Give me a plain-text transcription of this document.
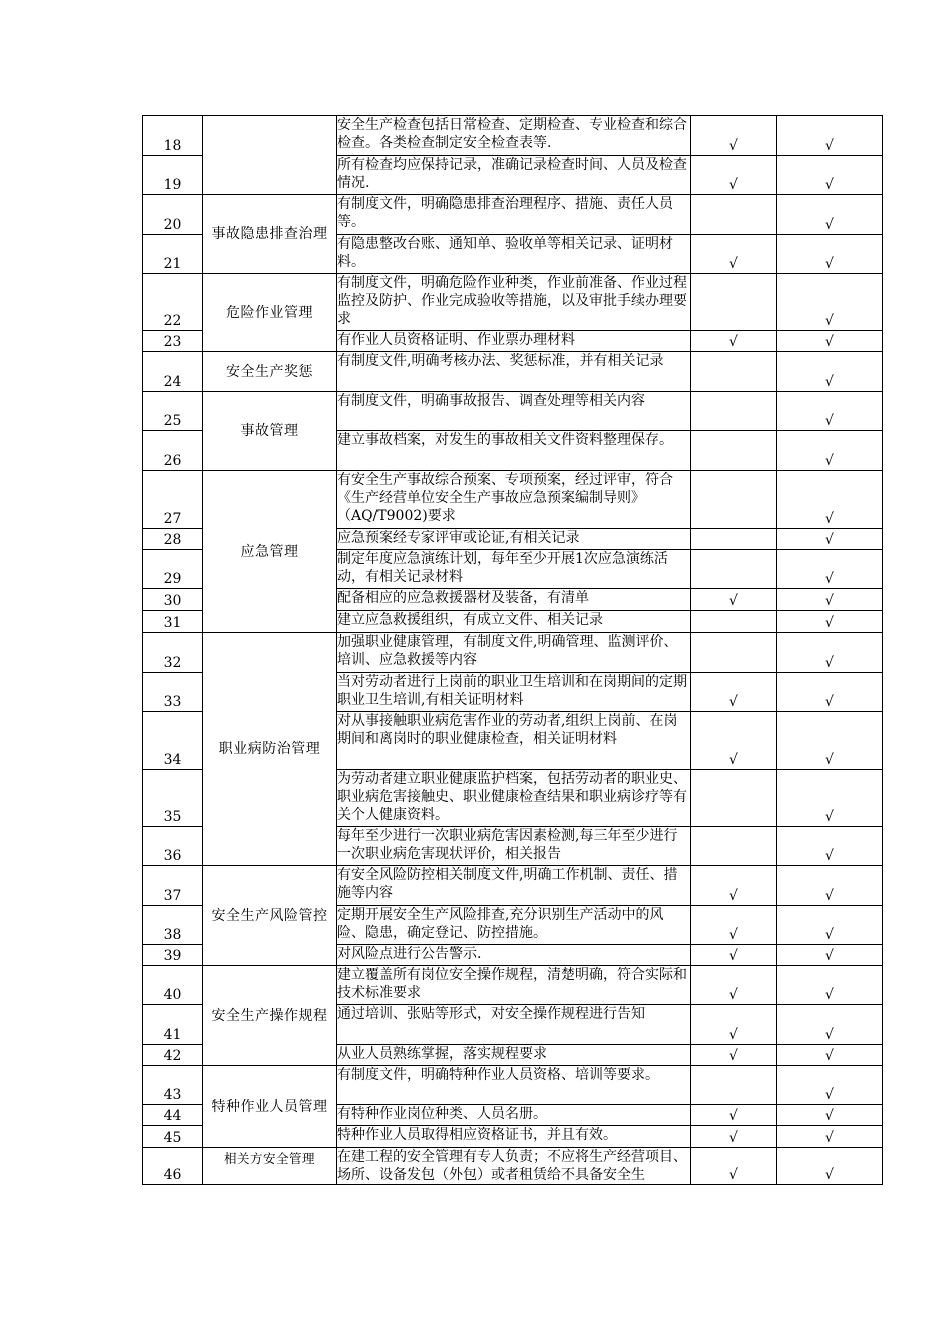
18		安全生产检查包括日常检查、定期检查、专业检查和综合检查。各类检查制定安全检查表等.	√	√
19		所有检查均应保持记录，准确记录检查时间、人员及检查情况.	√	√
20	事故隐患排查治理	有制度文件，明确隐患排查治理程序、措施、责任人员等。		√
21		有隐患整改台账、通知单、验收单等相关记录、证明材料。	√	√
22	危险作业管理	有制度文件，明确危险作业种类，作业前准备、作业过程监控及防护、作业完成验收等措施，以及审批手续办理要求		√
23		有作业人员资格证明、作业票办理材料	√	√
24	安全生产奖惩	有制度文件,明确考核办法、奖惩标准，并有相关记录		√
25	事故管理	有制度文件，明确事故报告、调查处理等相关内容		√
26		建立事故档案，对发生的事故相关文件资料整理保存。		√
27	应急管理	有安全生产事故综合预案、专项预案，经过评审，符合《生产经营单位安全生产事故应急预案编制导则》（AQ/T9002)要求		√
28		应急预案经专家评审或论证,有相关记录		√
29		制定年度应急演练计划，每年至少开展1次应急演练活动，有相关记录材料		√
30		配备相应的应急救援器材及装备，有清单	√	√
31		建立应急救援组织，有成立文件、相关记录		√
32	职业病防治管理	加强职业健康管理，有制度文件,明确管理、监测评价、培训、应急救援等内容		√
33		当对劳动者进行上岗前的职业卫生培训和在岗期间的定期职业卫生培训,有相关证明材料	√	√
34		对从事接触职业病危害作业的劳动者,组织上岗前、在岗期间和离岗时的职业健康检查，相关证明材料	√	√
35		为劳动者建立职业健康监护档案，包括劳动者的职业史、职业病危害接触史、职业健康检查结果和职业病诊疗等有关个人健康资料。		√
36		每年至少进行一次职业病危害因素检测,每三年至少进行一次职业病危害现状评价，相关报告		√
37	安全生产风险管控	有安全风险防控相关制度文件,明确工作机制、责任、措施等内容	√	√
38		定期开展安全生产风险排查,充分识别生产活动中的风险、隐患，确定登记、防控措施。	√	√
39		对风险点进行公告警示.	√	√
40	安全生产操作规程	建立覆盖所有岗位安全操作规程，清楚明确，符合实际和技术标准要求	√	√
41		通过培训、张贴等形式，对安全操作规程进行告知	√	√
42		从业人员熟练掌握，落实规程要求	√	√
43	特种作业人员管理	有制度文件，明确特种作业人员资格、培训等要求。		√
44		有特种作业岗位种类、人员名册。	√	√
45		特种作业人员取得相应资格证书，并且有效。	√	√
46	相关方安全管理	在建工程的安全管理有专人负责；不应将生产经营项目、场所、设备发包（外包）或者租赁给不具备安全生	√	√
